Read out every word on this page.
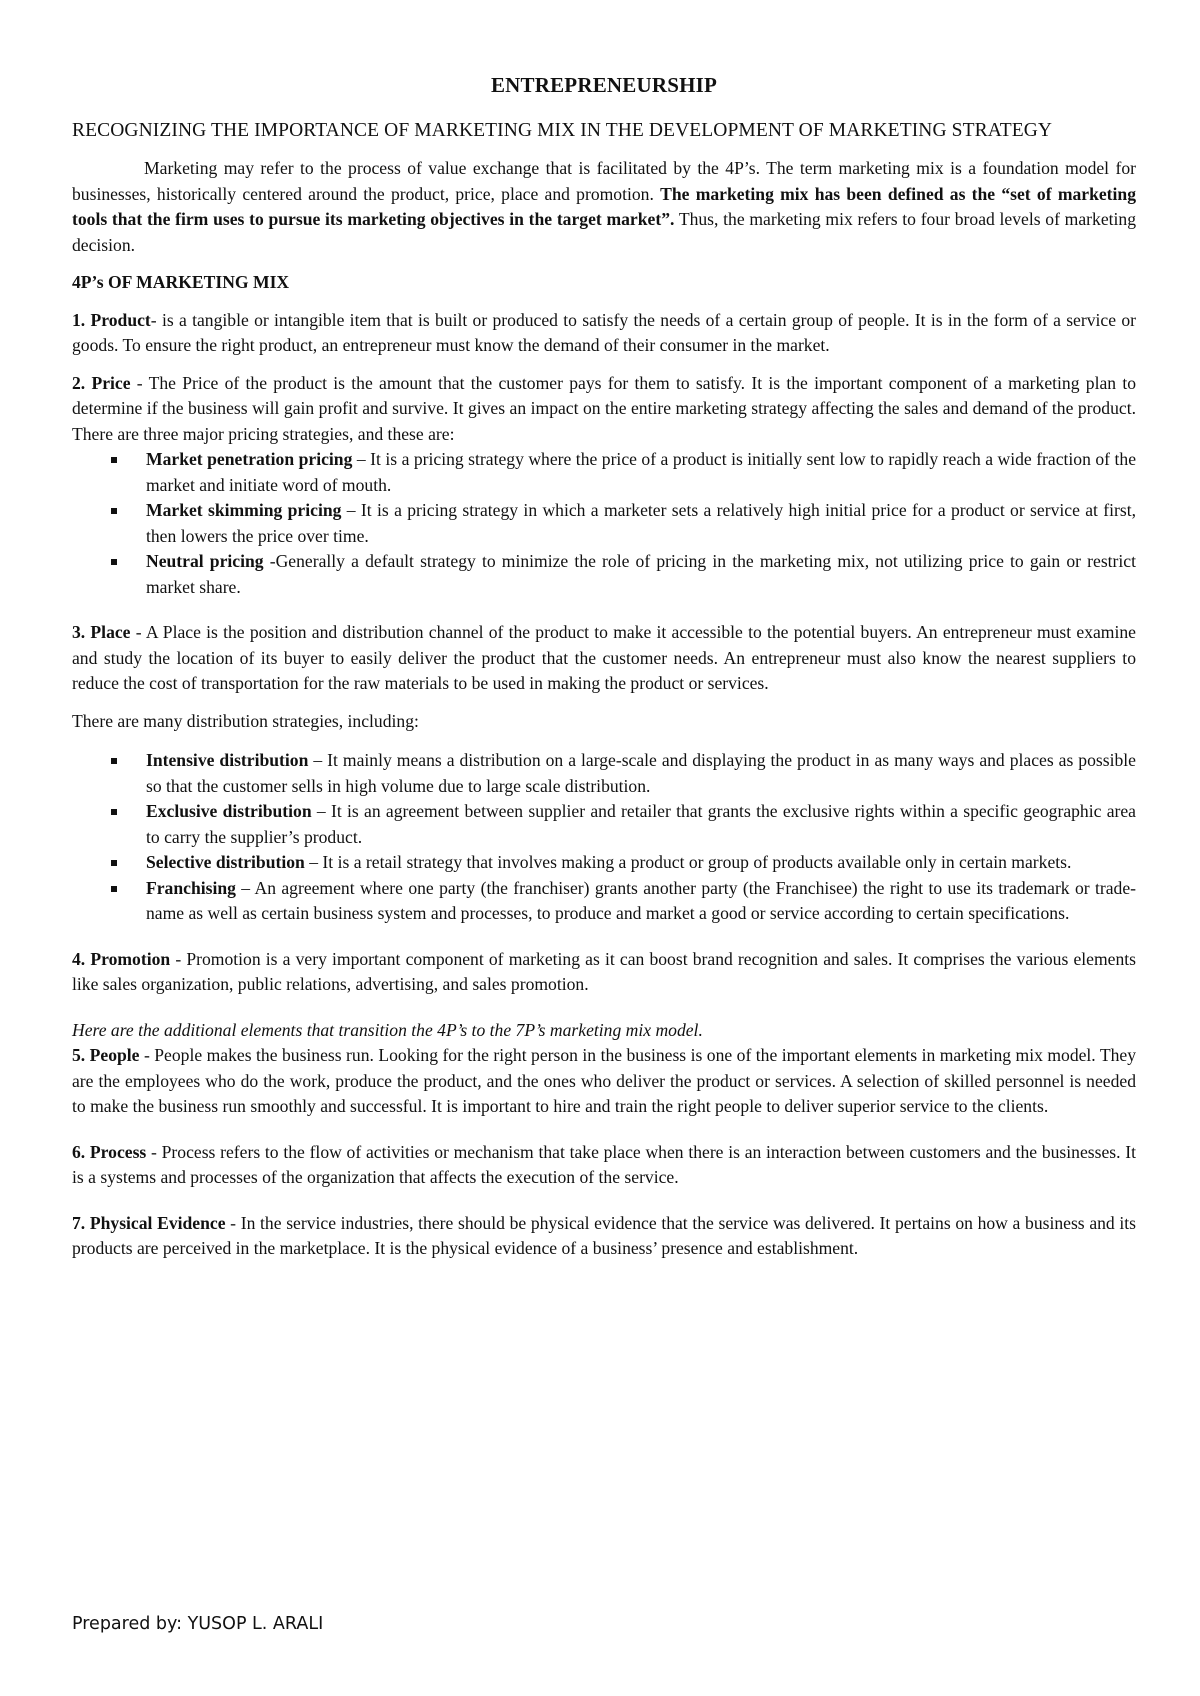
ENTREPRENEURSHIP
RECOGNIZING THE IMPORTANCE OF MARKETING MIX IN THE DEVELOPMENT OF MARKETING STRATEGY

Marketing may refer to the process of value exchange that is facilitated by the 4P’s. The term marketing mix is a foundation model for businesses, historically centered around the product, price, place and promotion. The marketing mix has been defined as the “set of marketing tools that the firm uses to pursue its marketing objectives in the target market”. Thus, the marketing mix refers to four broad levels of marketing decision.

4P’s OF MARKETING MIX

1. Product- is a tangible or intangible item that is built or produced to satisfy the needs of a certain group of people. It is in the form of a service or goods. To ensure the right product, an entrepreneur must know the demand of their consumer in the market.

2. Price - The Price of the product is the amount that the customer pays for them to satisfy. It is the important component of a marketing plan to determine if the business will gain profit and survive. It gives an impact on the entire marketing strategy affecting the sales and demand of the product. There are three major pricing strategies, and these are:

Market penetration pricing – It is a pricing strategy where the price of a product is initially sent low to rapidly reach a wide fraction of the market and initiate word of mouth.
Market skimming pricing – It is a pricing strategy in which a marketer sets a relatively high initial price for a product or service at first, then lowers the price over time.
Neutral pricing -Generally a default strategy to minimize the role of pricing in the marketing mix, not utilizing price to gain or restrict market share.

3. Place - A Place is the position and distribution channel of the product to make it accessible to the potential buyers. An entrepreneur must examine and study the location of its buyer to easily deliver the product that the customer needs. An entrepreneur must also know the nearest suppliers to reduce the cost of transportation for the raw materials to be used in making the product or services.

There are many distribution strategies, including:

Intensive distribution – It mainly means a distribution on a large-scale and displaying the product in as many ways and places as possible so that the customer sells in high volume due to large scale distribution.
Exclusive distribution – It is an agreement between supplier and retailer that grants the exclusive rights within a specific geographic area to carry the supplier’s product.
Selective distribution – It is a retail strategy that involves making a product or group of products available only in certain markets.
Franchising – An agreement where one party (the franchiser) grants another party (the Franchisee) the right to use its trademark or trade-name as well as certain business system and processes, to produce and market a good or service according to certain specifications.

4. Promotion - Promotion is a very important component of marketing as it can boost brand recognition and sales. It comprises the various elements like sales organization, public relations, advertising, and sales promotion.

Here are the additional elements that transition the 4P’s to the 7P’s marketing mix model.

5. People - People makes the business run. Looking for the right person in the business is one of the important elements in marketing mix model. They are the employees who do the work, produce the product, and the ones who deliver the product or services. A selection of skilled personnel is needed to make the business run smoothly and successful. It is important to hire and train the right people to deliver superior service to the clients.

6. Process - Process refers to the flow of activities or mechanism that take place when there is an interaction between customers and the businesses. It is a systems and processes of the organization that affects the execution of the service.

7. Physical Evidence - In the service industries, there should be physical evidence that the service was delivered. It pertains on how a business and its products are perceived in the marketplace. It is the physical evidence of a business’ presence and establishment.

Prepared by: YUSOP L. ARALI
